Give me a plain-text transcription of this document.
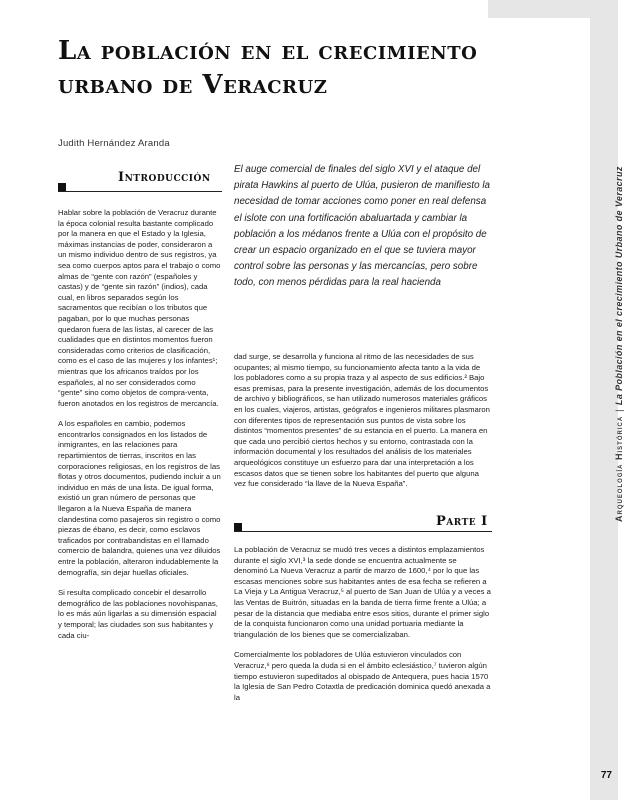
Arqueología Histórica|La Población en el crecimiento Urbano de Veracruz
La población en el crecimiento urbano de Veracruz
Judith Hernández Aranda
Introducción

Hablar sobre la población de Veracruz durante la época colonial resulta bastante complicado por la manera en que el Estado y la Iglesia, máximas instancias de poder, consideraron a un mismo individuo dentro de sus registros, ya sea como cuerpos aptos para el trabajo o como almas de “gente con razón” (españoles y castas) y de “gente sin razón” (indios), cada cual, en libros separados según los sacramentos que recibían o los tributos que pagaban, por lo que muchas personas quedaron fuera de las listas, al carecer de las cualidades que en distintos momentos fueron consideradas como criterios de clasificación, como es el caso de las mujeres y los infantes¹; mientras que los africanos traídos por los españoles, al no ser considerados como “gente” sino como objetos de compra-venta, fueron anotados en los registros de mercancía.

A los españoles en cambio, podemos encontrarlos consignados en los listados de inmigrantes, en las relaciones para repartimientos de tierras, inscritos en las corporaciones religiosas, en los registros de las flotas y otros documentos, pudiendo incluir a un individuo en más de una lista. De igual forma, existió un gran número de personas que llegaron a la Nueva España de manera clandestina como pasajeros sin registro o como piezas de ébano, es decir, como esclavos traficados por contrabandistas en el llamado comercio de balandra, quienes una vez diluidos entre la población, alteraron indudablemente la demografía, sin dejar huellas oficiales.

Si resulta complicado concebir el desarrollo demográfico de las poblaciones novohispanas, lo es más aún ligarlas a su dimensión espacial y temporal; las ciudades son sus habitantes y cada ciu-

El auge comercial de finales del siglo XVI y el ataque del pirata Hawkins al puerto de Ulúa, pusieron de manifiesto la necesidad de tomar acciones como poner en real defensa el islote con una fortificación abaluartada y cambiar la población a los médanos frente a Ulúa con el propósito de crear un espacio organizado en el que se tuviera mayor control sobre las personas y las mercancías, pero sobre todo, con menos pérdidas para la real hacienda

dad surge, se desarrolla y funciona al ritmo de las necesidades de sus ocupantes; al mismo tiempo, su funcionamiento afecta tanto a la vida de los pobladores como a su propia traza y al aspecto de sus edificios.² Bajo esas premisas, para la presente investigación, además de los documentos de archivo y bibliográficos, se han utilizado numerosos materiales gráficos en los cuales, viajeros, artistas, geógrafos e ingenieros militares plasmaron con diferentes tipos de representación sus puntos de vista sobre los distintos “momentos presentes” de su estancia en el puerto. La manera en que cada uno percibió ciertos hechos y su entorno, contrastada con la información documental y los resultados del análisis de los materiales arqueológicos constituye un esfuerzo para dar una interpretación a los escasos datos que se tienen sobre los habitantes del puerto que alguna vez fue considerado “la llave de la Nueva España”.

Parte I

La población de Veracruz se mudó tres veces a distintos emplazamientos durante el siglo XVI,³ la sede donde se encuentra actualmente se denominó La Nueva Veracruz a partir de marzo de 1600,⁴ por lo que las escasas menciones sobre sus habitantes antes de esa fecha se refieren a La Vieja y La Antigua Veracruz,⁵ al puerto de San Juan de Ulúa y a veces a las Ventas de Buitrón, situadas en la banda de tierra firme frente a Ulúa; a pesar de la distancia que mediaba entre esos sitios, durante el primer siglo de la conquista funcionaron como una unidad portuaria mediante la triangulación de los bienes que se comercializaban.

Comercialmente los pobladores de Ulúa estuvieron vinculados con Veracruz,⁶ pero queda la duda si en el ámbito eclesiástico,⁷ tuvieron algún tiempo estuvieron supeditados al obispado de Antequera, pues hacia 1570 la Iglesia de San Pedro Cotaxtla de predicación dominica quedó anexada a la

77
